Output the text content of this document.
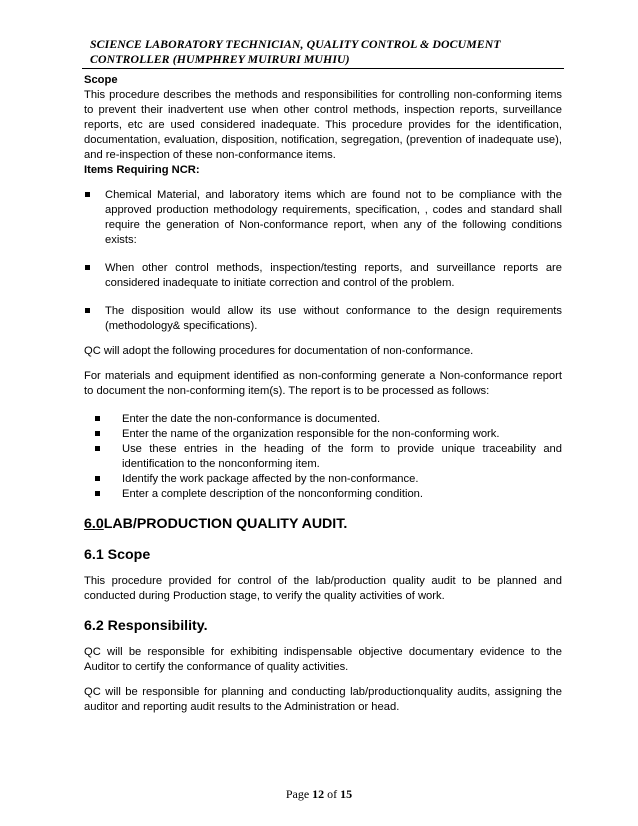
SCIENCE LABORATORY TECHNICIAN, QUALITY CONTROL & DOCUMENT
CONTROLLER (HUMPHREY MUIRURI MUHIU)

Scope

This procedure describes the methods and responsibilities for controlling non-conforming items to prevent their inadvertent use when other control methods, inspection reports, surveillance reports, etc are used considered inadequate. This procedure provides for the identification, documentation, evaluation, disposition, notification, segregation, (prevention of inadequate use), and re-inspection of these non-conformance items.

Items Requiring NCR:

Chemical Material, and laboratory items which are found not to be compliance with the approved production methodology requirements, specification, , codes and standard shall require the generation of Non-conformance report, when any of the following conditions exists:
When other control methods, inspection/testing reports, and surveillance reports are considered inadequate to initiate correction and control of the problem.
The disposition would allow its use without conformance to the design requirements (methodology& specifications).

QC will adopt the following procedures for documentation of non-conformance.

For materials and equipment identified as non-conforming generate a Non-conformance report to document the non-conforming item(s). The report is to be processed as follows:

Enter the date the non-conformance is documented.
Enter the name of the organization responsible for the non-conforming work.
Use these entries in the heading of the form to provide unique traceability and identification to the nonconforming item.
Identify the work package affected by the non-conformance.
Enter a complete description of the nonconforming condition.
6.0LAB/PRODUCTION QUALITY AUDIT.
6.1 Scope

This procedure provided for control of the lab/production quality audit to be planned and conducted during Production stage, to verify the quality activities of work.

6.2 Responsibility.

QC will be responsible for exhibiting indispensable objective documentary evidence to the Auditor to certify the conformance of quality activities.

QC will be responsible for planning and conducting lab/productionquality audits, assigning the auditor and reporting audit results to the Administration or head.

Page 12 of 15
